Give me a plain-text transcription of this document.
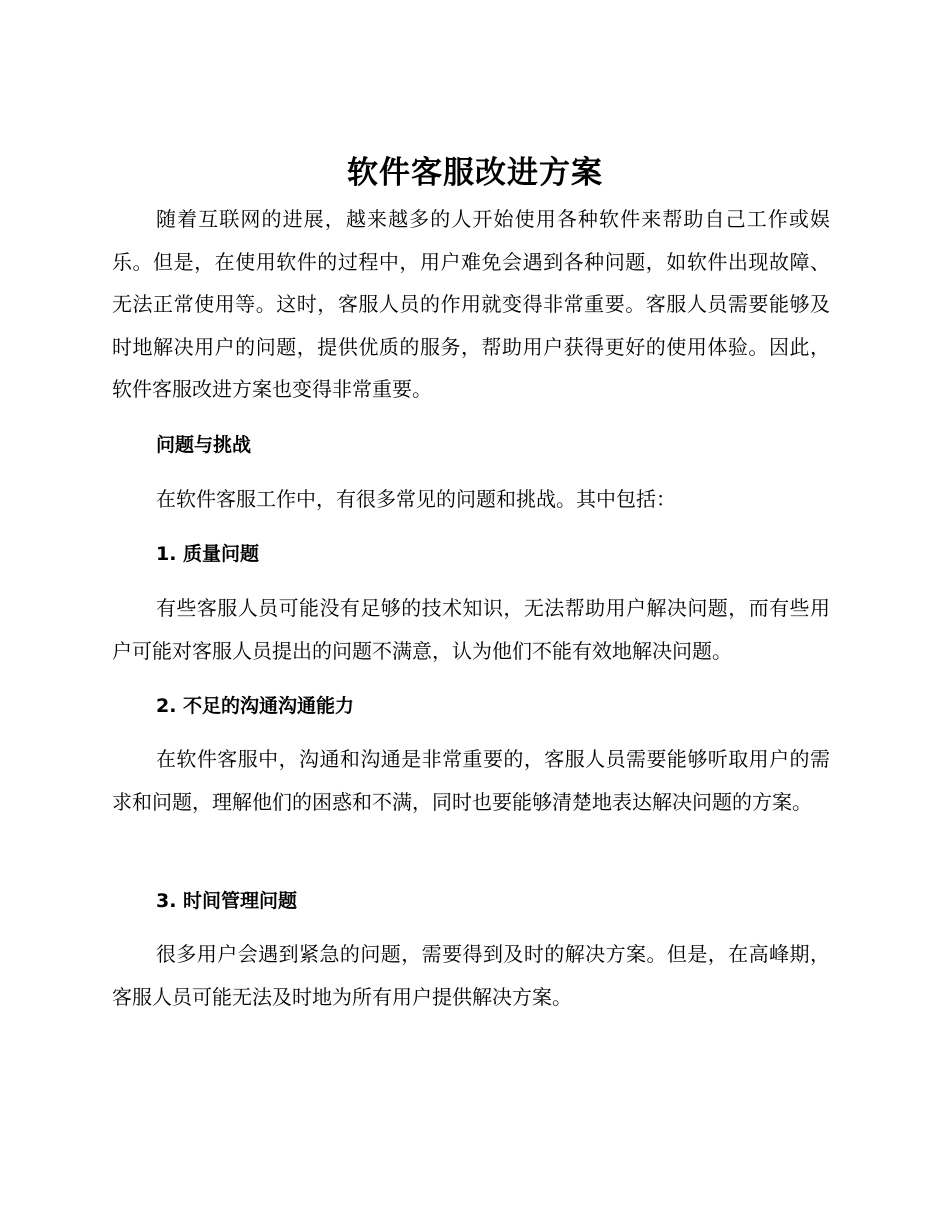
软件客服改进方案

随着互联网的进展，越来越多的人开始使用各种软件来帮助自己工作或娱乐。但是，在使用软件的过程中，用户难免会遇到各种问题，如软件出现故障、无法正常使用等。这时，客服人员的作用就变得非常重要。客服人员需要能够及时地解决用户的问题，提供优质的服务，帮助用户获得更好的使用体验。因此，软件客服改进方案也变得非常重要。

问题与挑战

在软件客服工作中，有很多常见的问题和挑战。其中包括：

1. 质量问题

有些客服人员可能没有足够的技术知识，无法帮助用户解决问题，而有些用户可能对客服人员提出的问题不满意，认为他们不能有效地解决问题。

2. 不足的沟通沟通能力

在软件客服中，沟通和沟通是非常重要的，客服人员需要能够听取用户的需求和问题，理解他们的困惑和不满，同时也要能够清楚地表达解决问题的方案。

3. 时间管理问题

很多用户会遇到紧急的问题，需要得到及时的解决方案。但是，在高峰期，客服人员可能无法及时地为所有用户提供解决方案。
